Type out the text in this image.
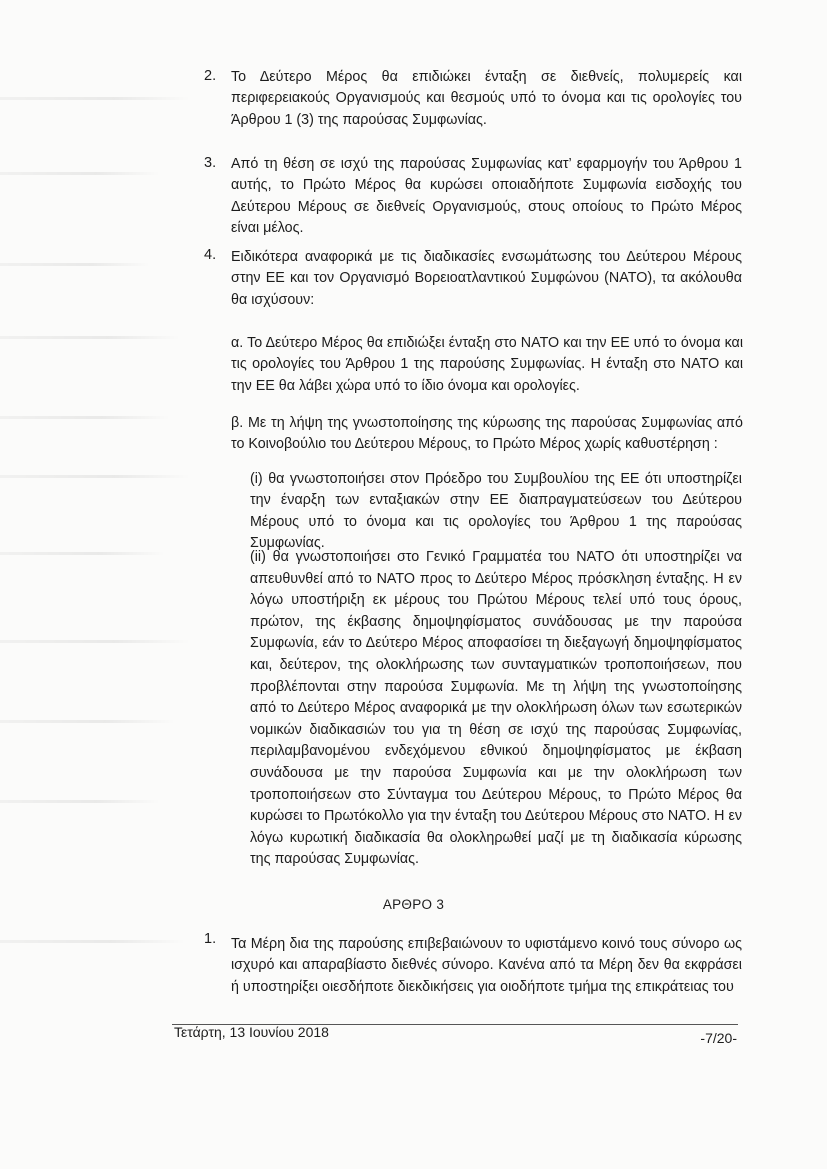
2. Το Δεύτερο Μέρος θα επιδιώκει ένταξη σε διεθνείς, πολυμερείς και περιφερειακούς Οργανισμούς και θεσμούς υπό το όνομα και τις ορολογίες του Άρθρου 1 (3) της παρούσας Συμφωνίας.
3. Από τη θέση σε ισχύ της παρούσας Συμφωνίας κατ’ εφαρμογήν του Άρθρου 1 αυτής, το Πρώτο Μέρος θα κυρώσει οποιαδήποτε Συμφωνία εισδοχής του Δεύτερου Μέρους σε διεθνείς Οργανισμούς, στους οποίους το Πρώτο Μέρος είναι μέλος.
4. Ειδικότερα αναφορικά με τις διαδικασίες ενσωμάτωσης του Δεύτερου Μέρους στην ΕΕ και τον Οργανισμό Βορειοατλαντικού Συμφώνου (ΝΑΤΟ), τα ακόλουθα θα ισχύσουν:
α. Το Δεύτερο Μέρος θα επιδιώξει ένταξη στο ΝΑΤΟ και την ΕΕ υπό το όνομα και τις ορολογίες του Άρθρου 1 της παρούσης Συμφωνίας. Η ένταξη στο ΝΑΤΟ και την ΕΕ θα λάβει χώρα υπό το ίδιο όνομα και ορολογίες.
β. Με τη λήψη της γνωστοποίησης της κύρωσης της παρούσας Συμφωνίας από το Κοινοβούλιο του Δεύτερου Μέρους, το Πρώτο Μέρος χωρίς καθυστέρηση :
(i) θα γνωστοποιήσει στον Πρόεδρο του Συμβουλίου της ΕΕ ότι υποστηρίζει την έναρξη των ενταξιακών στην ΕΕ διαπραγματεύσεων του Δεύτερου Μέρους υπό το όνομα και τις ορολογίες του Άρθρου 1 της παρούσας Συμφωνίας.
(ii) θα γνωστοποιήσει στο Γενικό Γραμματέα του ΝΑΤΟ ότι υποστηρίζει να απευθυνθεί από το ΝΑΤΟ προς το Δεύτερο Μέρος πρόσκληση ένταξης. Η εν λόγω υποστήριξη εκ μέρους του Πρώτου Μέρους τελεί υπό τους όρους, πρώτον, της έκβασης δημοψηφίσματος συνάδουσας με την παρούσα Συμφωνία, εάν το Δεύτερο Μέρος αποφασίσει τη διεξαγωγή δημοψηφίσματος και, δεύτερον, της ολοκλήρωσης των συνταγματικών τροποποιήσεων, που προβλέπονται στην παρούσα Συμφωνία. Με τη λήψη της γνωστοποίησης από το Δεύτερο Μέρος αναφορικά με την ολοκλήρωση όλων των εσωτερικών νομικών διαδικασιών του για τη θέση σε ισχύ της παρούσας Συμφωνίας, περιλαμβανομένου ενδεχόμενου εθνικού δημοψηφίσματος με έκβαση συνάδουσα με την παρούσα Συμφωνία και με την ολοκλήρωση των τροποποιήσεων στο Σύνταγμα του Δεύτερου Μέρους, το Πρώτο Μέρος θα κυρώσει το Πρωτόκολλο για την ένταξη του Δεύτερου Μέρους στο ΝΑΤΟ. Η εν λόγω κυρωτική διαδικασία θα ολοκληρωθεί μαζί με τη διαδικασία κύρωσης της παρούσας Συμφωνίας.
ΑΡΘΡΟ 3
1. Τα Μέρη δια της παρούσης επιβεβαιώνουν το υφιστάμενο κοινό τους σύνορο ως ισχυρό και απαραβίαστο διεθνές σύνορο. Κανένα από τα Μέρη δεν θα εκφράσει ή υποστηρίξει οιεσδήποτε διεκδικήσεις για οιοδήποτε τμήμα της επικράτειας του
Τετάρτη, 13 Ιουνίου 2018	-7/20-
